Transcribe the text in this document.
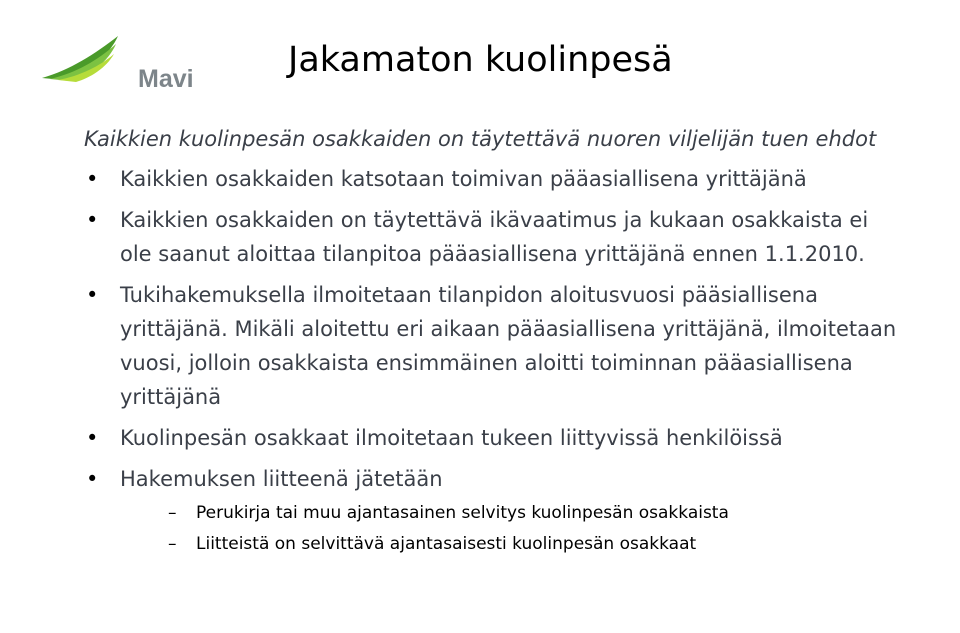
Mavi	Jakamaton kuolinpesä

Kaikkien kuolinpesän osakkaiden on täytettävä nuoren viljelijän tuen ehdot

• Kaikkien osakkaiden katsotaan toimivan pääasiallisena yrittäjänä
• Kaikkien osakkaiden on täytettävä ikävaatimus ja kukaan osakkaista ei ole saanut aloittaa tilanpitoa pääasiallisena yrittäjänä ennen 1.1.2010.
• Tukihakemuksella ilmoitetaan tilanpidon aloitusvuosi pääsiallisena yrittäjänä. Mikäli aloitettu eri aikaan pääasiallisena yrittäjänä, ilmoitetaan vuosi, jolloin osakkaista ensimmäinen aloitti toiminnan pääasiallisena yrittäjänä
• Kuolinpesän osakkaat ilmoitetaan tukeen liittyvissä henkilöissä
• Hakemuksen liitteenä jätetään
– Perukirja tai muu ajantasainen selvitys kuolinpesän osakkaista
– Liitteistä on selvittävä ajantasaisesti kuolinpesän osakkaat
